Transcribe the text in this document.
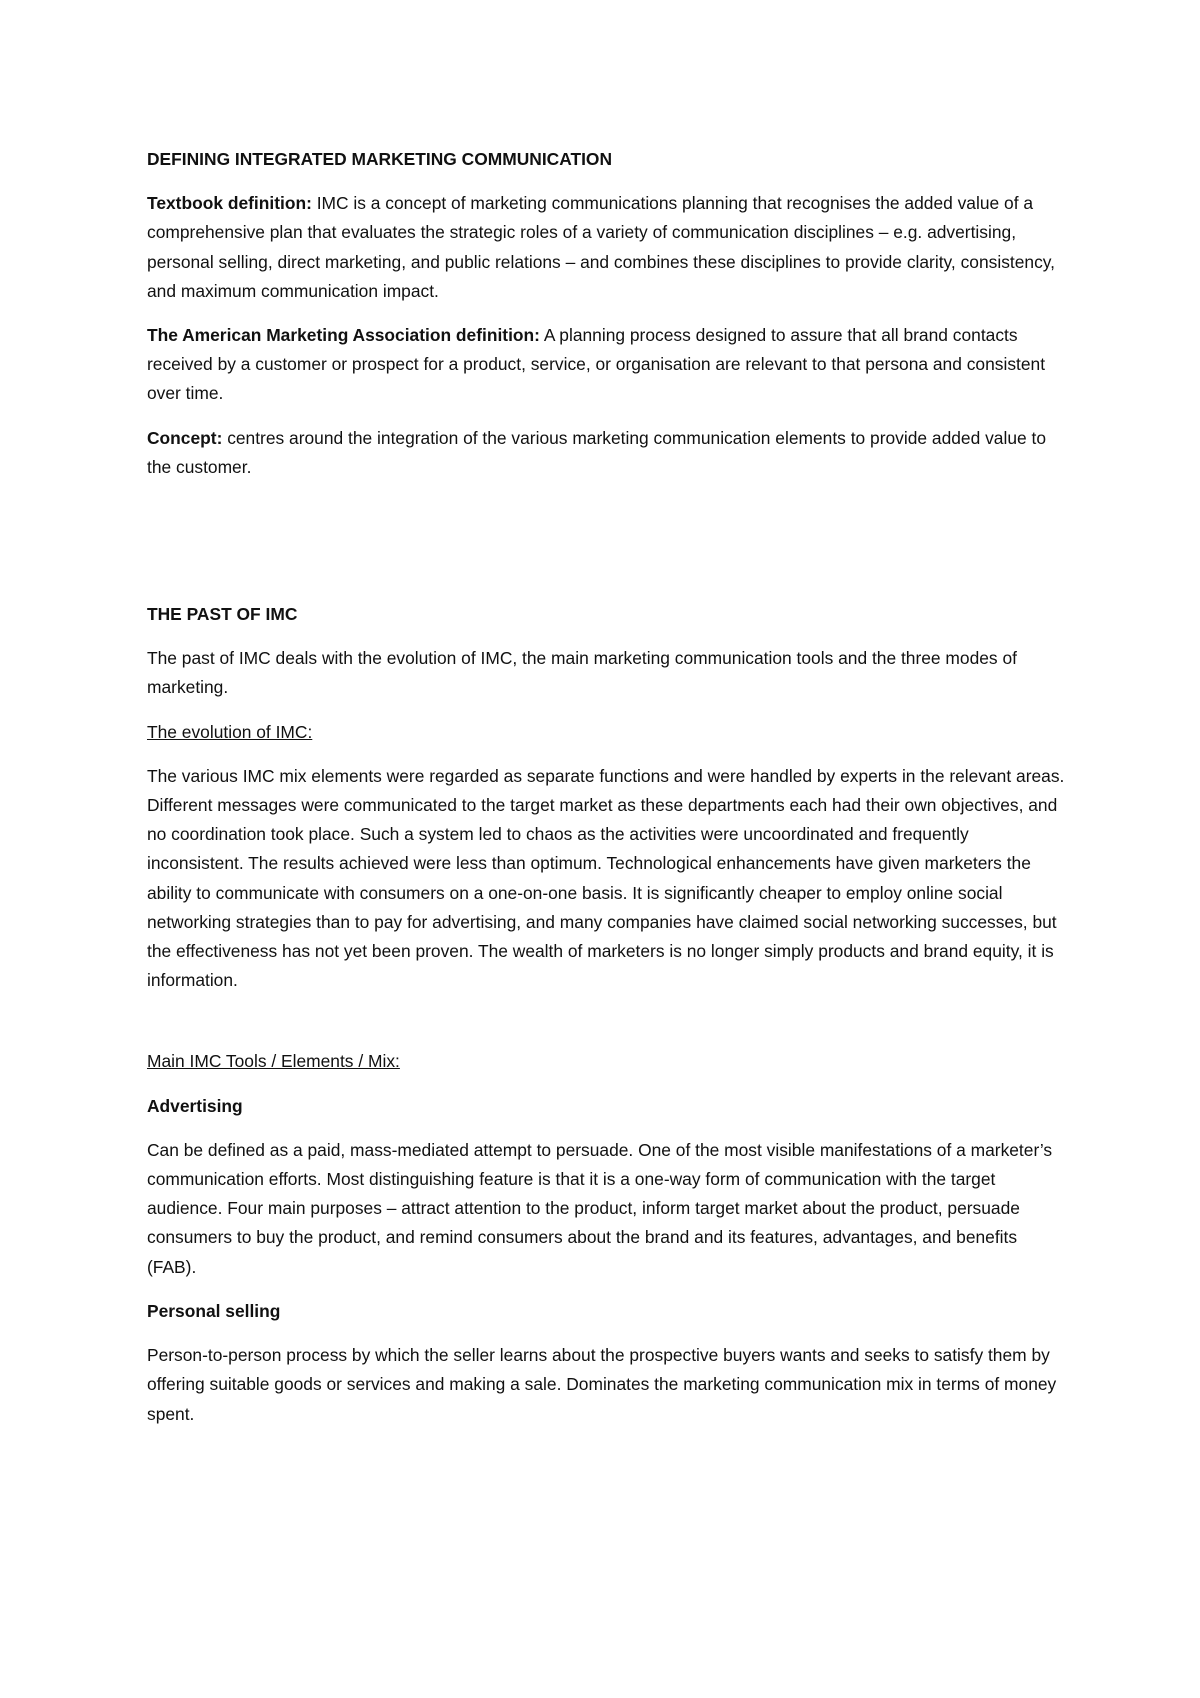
DEFINING INTEGRATED MARKETING COMMUNICATION

Textbook definition: IMC is a concept of marketing communications planning that recognises the added value of a comprehensive plan that evaluates the strategic roles of a variety of communication disciplines – e.g. advertising, personal selling, direct marketing, and public relations – and combines these disciplines to provide clarity, consistency, and maximum communication impact.

The American Marketing Association definition: A planning process designed to assure that all brand contacts received by a customer or prospect for a product, service, or organisation are relevant to that persona and consistent over time.

Concept: centres around the integration of the various marketing communication elements to provide added value to the customer.

THE PAST OF IMC

The past of IMC deals with the evolution of IMC, the main marketing communication tools and the three modes of marketing.

The evolution of IMC:

The various IMC mix elements were regarded as separate functions and were handled by experts in the relevant areas. Different messages were communicated to the target market as these departments each had their own objectives, and no coordination took place. Such a system led to chaos as the activities were uncoordinated and frequently inconsistent. The results achieved were less than optimum. Technological enhancements have given marketers the ability to communicate with consumers on a one-on-one basis. It is significantly cheaper to employ online social networking strategies than to pay for advertising, and many companies have claimed social networking successes, but the effectiveness has not yet been proven. The wealth of marketers is no longer simply products and brand equity, it is information.

Main IMC Tools / Elements / Mix:

Advertising

Can be defined as a paid, mass-mediated attempt to persuade. One of the most visible manifestations of a marketer’s communication efforts. Most distinguishing feature is that it is a one-way form of communication with the target audience. Four main purposes – attract attention to the product, inform target market about the product, persuade consumers to buy the product, and remind consumers about the brand and its features, advantages, and benefits (FAB).

Personal selling

Person-to-person process by which the seller learns about the prospective buyers wants and seeks to satisfy them by offering suitable goods or services and making a sale. Dominates the marketing communication mix in terms of money spent.
